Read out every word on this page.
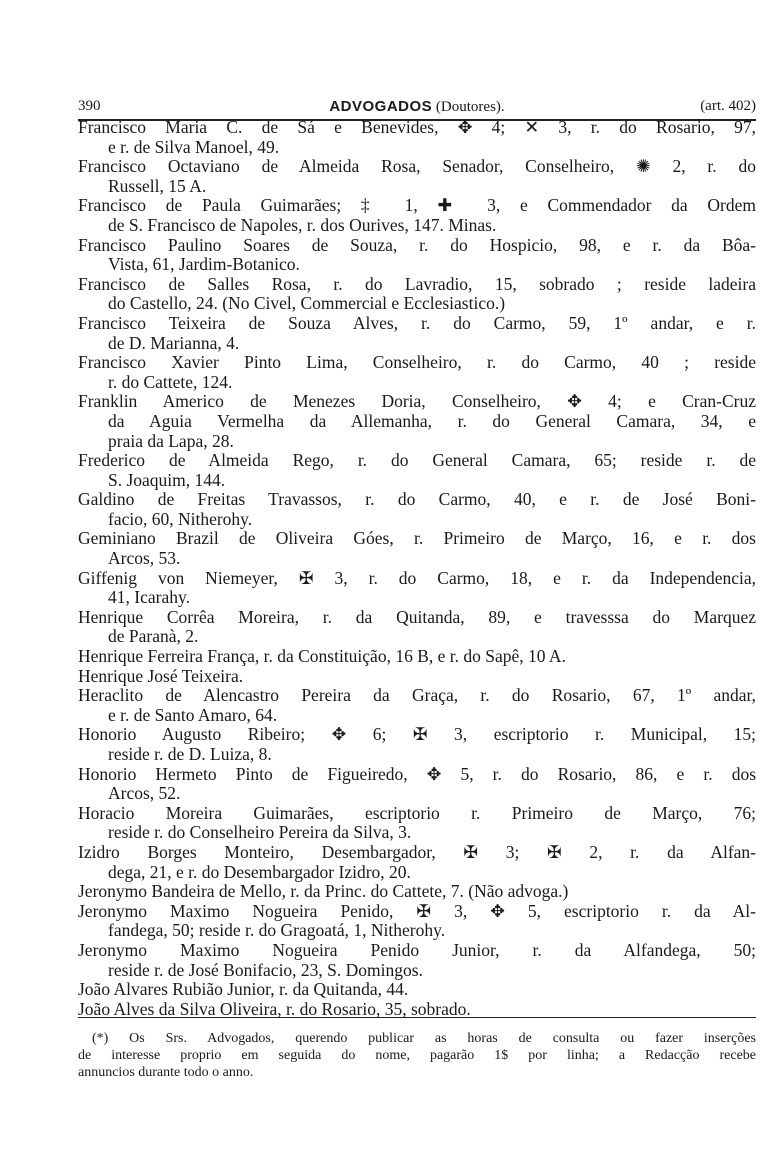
390	ADVOGADOS (Doutores).	(art. 402)
Francisco Maria C. de Sá e Benevides, ✥ 4; ✕ 3, r. do Rosario, 97,
e r. de Silva Manoel, 49.
Francisco Octaviano de Almeida Rosa, Senador, Conselheiro, ✺ 2, r. do
Russell, 15 A.
Francisco de Paula Guimarães; ‡ 1, ✚ 3, e Commendador da Ordem
de S. Francisco de Napoles, r. dos Ourives, 147. Minas.
Francisco Paulino Soares de Souza, r. do Hospicio, 98, e r. da Bôa-
Vista, 61, Jardim-Botanico.
Francisco de Salles Rosa, r. do Lavradio, 15, sobrado ; reside ladeira
do Castello, 24. (No Civel, Commercial e Ecclesiastico.)
Francisco Teixeira de Souza Alves, r. do Carmo, 59, 1º andar, e r.
de D. Marianna, 4.
Francisco Xavier Pinto Lima, Conselheiro, r. do Carmo, 40 ; reside
r. do Cattete, 124.
Franklin Americo de Menezes Doria, Conselheiro, ✥ 4; e Cran-Cruz
da Aguia Vermelha da Allemanha, r. do General Camara, 34, e
praia da Lapa, 28.
Frederico de Almeida Rego, r. do General Camara, 65; reside r. de
S. Joaquim, 144.
Galdino de Freitas Travassos, r. do Carmo, 40, e r. de José Boni-
facio, 60, Nitherohy.
Geminiano Brazil de Oliveira Góes, r. Primeiro de Março, 16, e r. dos
Arcos, 53.
Giffenig von Niemeyer, ✠ 3, r. do Carmo, 18, e r. da Independencia,
41, Icarahy.
Henrique Corrêa Moreira, r. da Quitanda, 89, e travesssa do Marquez
de Paranà, 2.
Henrique Ferreira França, r. da Constituição, 16 B, e r. do Sapê, 10 A.
Henrique José Teixeira.
Heraclito de Alencastro Pereira da Graça, r. do Rosario, 67, 1º andar,
e r. de Santo Amaro, 64.
Honorio Augusto Ribeiro; ✥ 6; ✠ 3, escriptorio r. Municipal, 15;
reside r. de D. Luiza, 8.
Honorio Hermeto Pinto de Figueiredo, ✥ 5, r. do Rosario, 86, e r. dos
Arcos, 52.
Horacio Moreira Guimarães, escriptorio r. Primeiro de Março, 76;
reside r. do Conselheiro Pereira da Silva, 3.
Izidro Borges Monteiro, Desembargador, ✠ 3; ✠ 2, r. da Alfan-
dega, 21, e r. do Desembargador Izidro, 20.
Jeronymo Bandeira de Mello, r. da Princ. do Cattete, 7. (Não advoga.)
Jeronymo Maximo Nogueira Penido, ✠ 3, ✥ 5, escriptorio r. da Al-
fandega, 50; reside r. do Gragoatá, 1, Nitherohy.
Jeronymo Maximo Nogueira Penido Junior, r. da Alfandega, 50;
reside r. de José Bonifacio, 23, S. Domingos.
João Alvares Rubião Junior, r. da Quitanda, 44.
João Alves da Silva Oliveira, r. do Rosario, 35, sobrado.
(*) Os Srs. Advogados, querendo publicar as horas de consulta ou fazer inserções
de interesse proprio em seguida do nome, pagarão 1$ por linha; a Redacção recebe
annuncios durante todo o anno.
